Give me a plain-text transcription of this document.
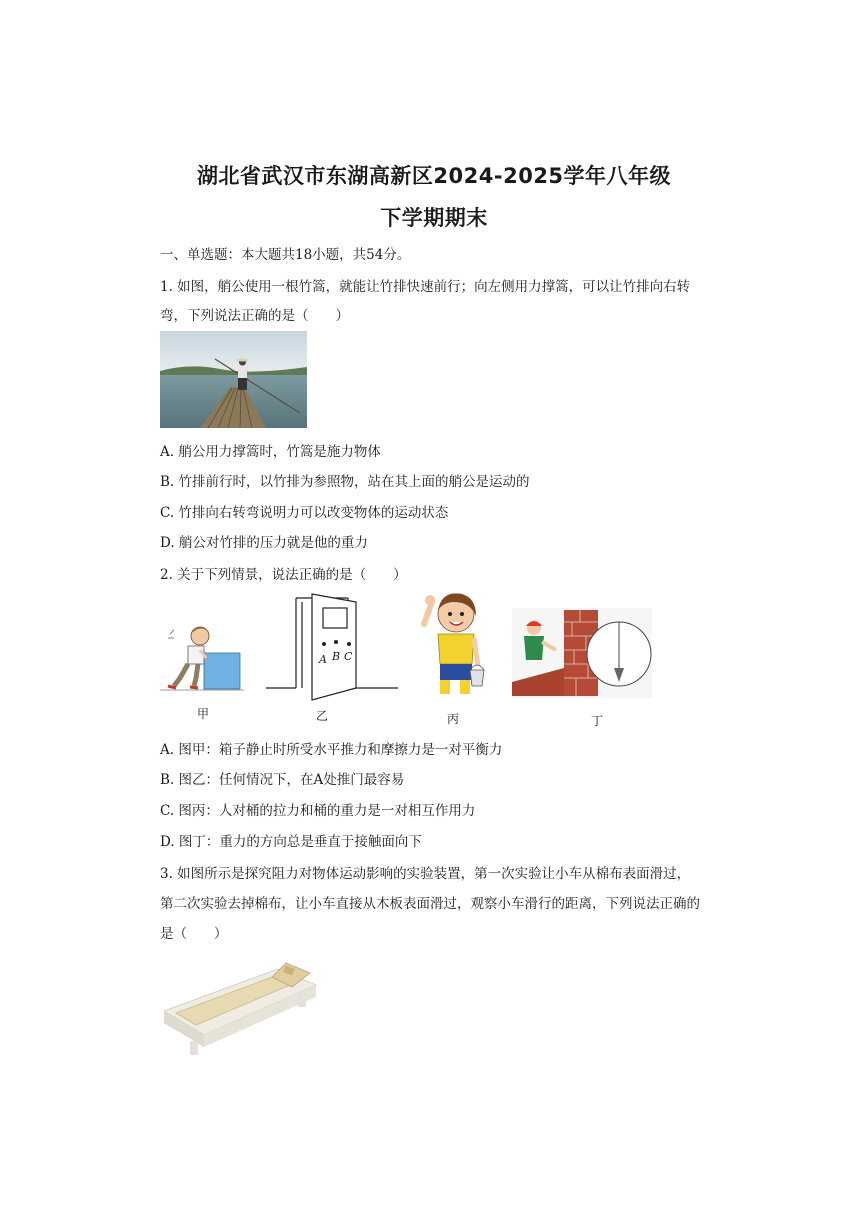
湖北省武汉市东湖高新区2024-2025学年八年级
下学期期末
一、单选题：本大题共18小题，共54分。
1. 如图，艄公使用一根竹篙，就能让竹排快速前行；向左侧用力撑篙，可以让竹排向右转
弯，下列说法正确的是（　　）
A. 艄公用力撑篙时，竹篙是施力物体
B. 竹排前行时，以竹排为参照物，站在其上面的艄公是运动的
C. 竹排向右转弯说明力可以改变物体的运动状态
D. 艄公对竹排的压力就是他的重力
2. 关于下列情景，说法正确的是（　　）
甲
A B C
乙	丙	丁
A. 图甲：箱子静止时所受水平推力和摩擦力是一对平衡力
B. 图乙：任何情况下，在A处推门最容易
C. 图丙：人对桶的拉力和桶的重力是一对相互作用力
D. 图丁：重力的方向总是垂直于接触面向下
3. 如图所示是探究阻力对物体运动影响的实验装置，第一次实验让小车从棉布表面滑过，
第二次实验去掉棉布，让小车直接从木板表面滑过，观察小车滑行的距离，下列说法正确的
是（　　）
